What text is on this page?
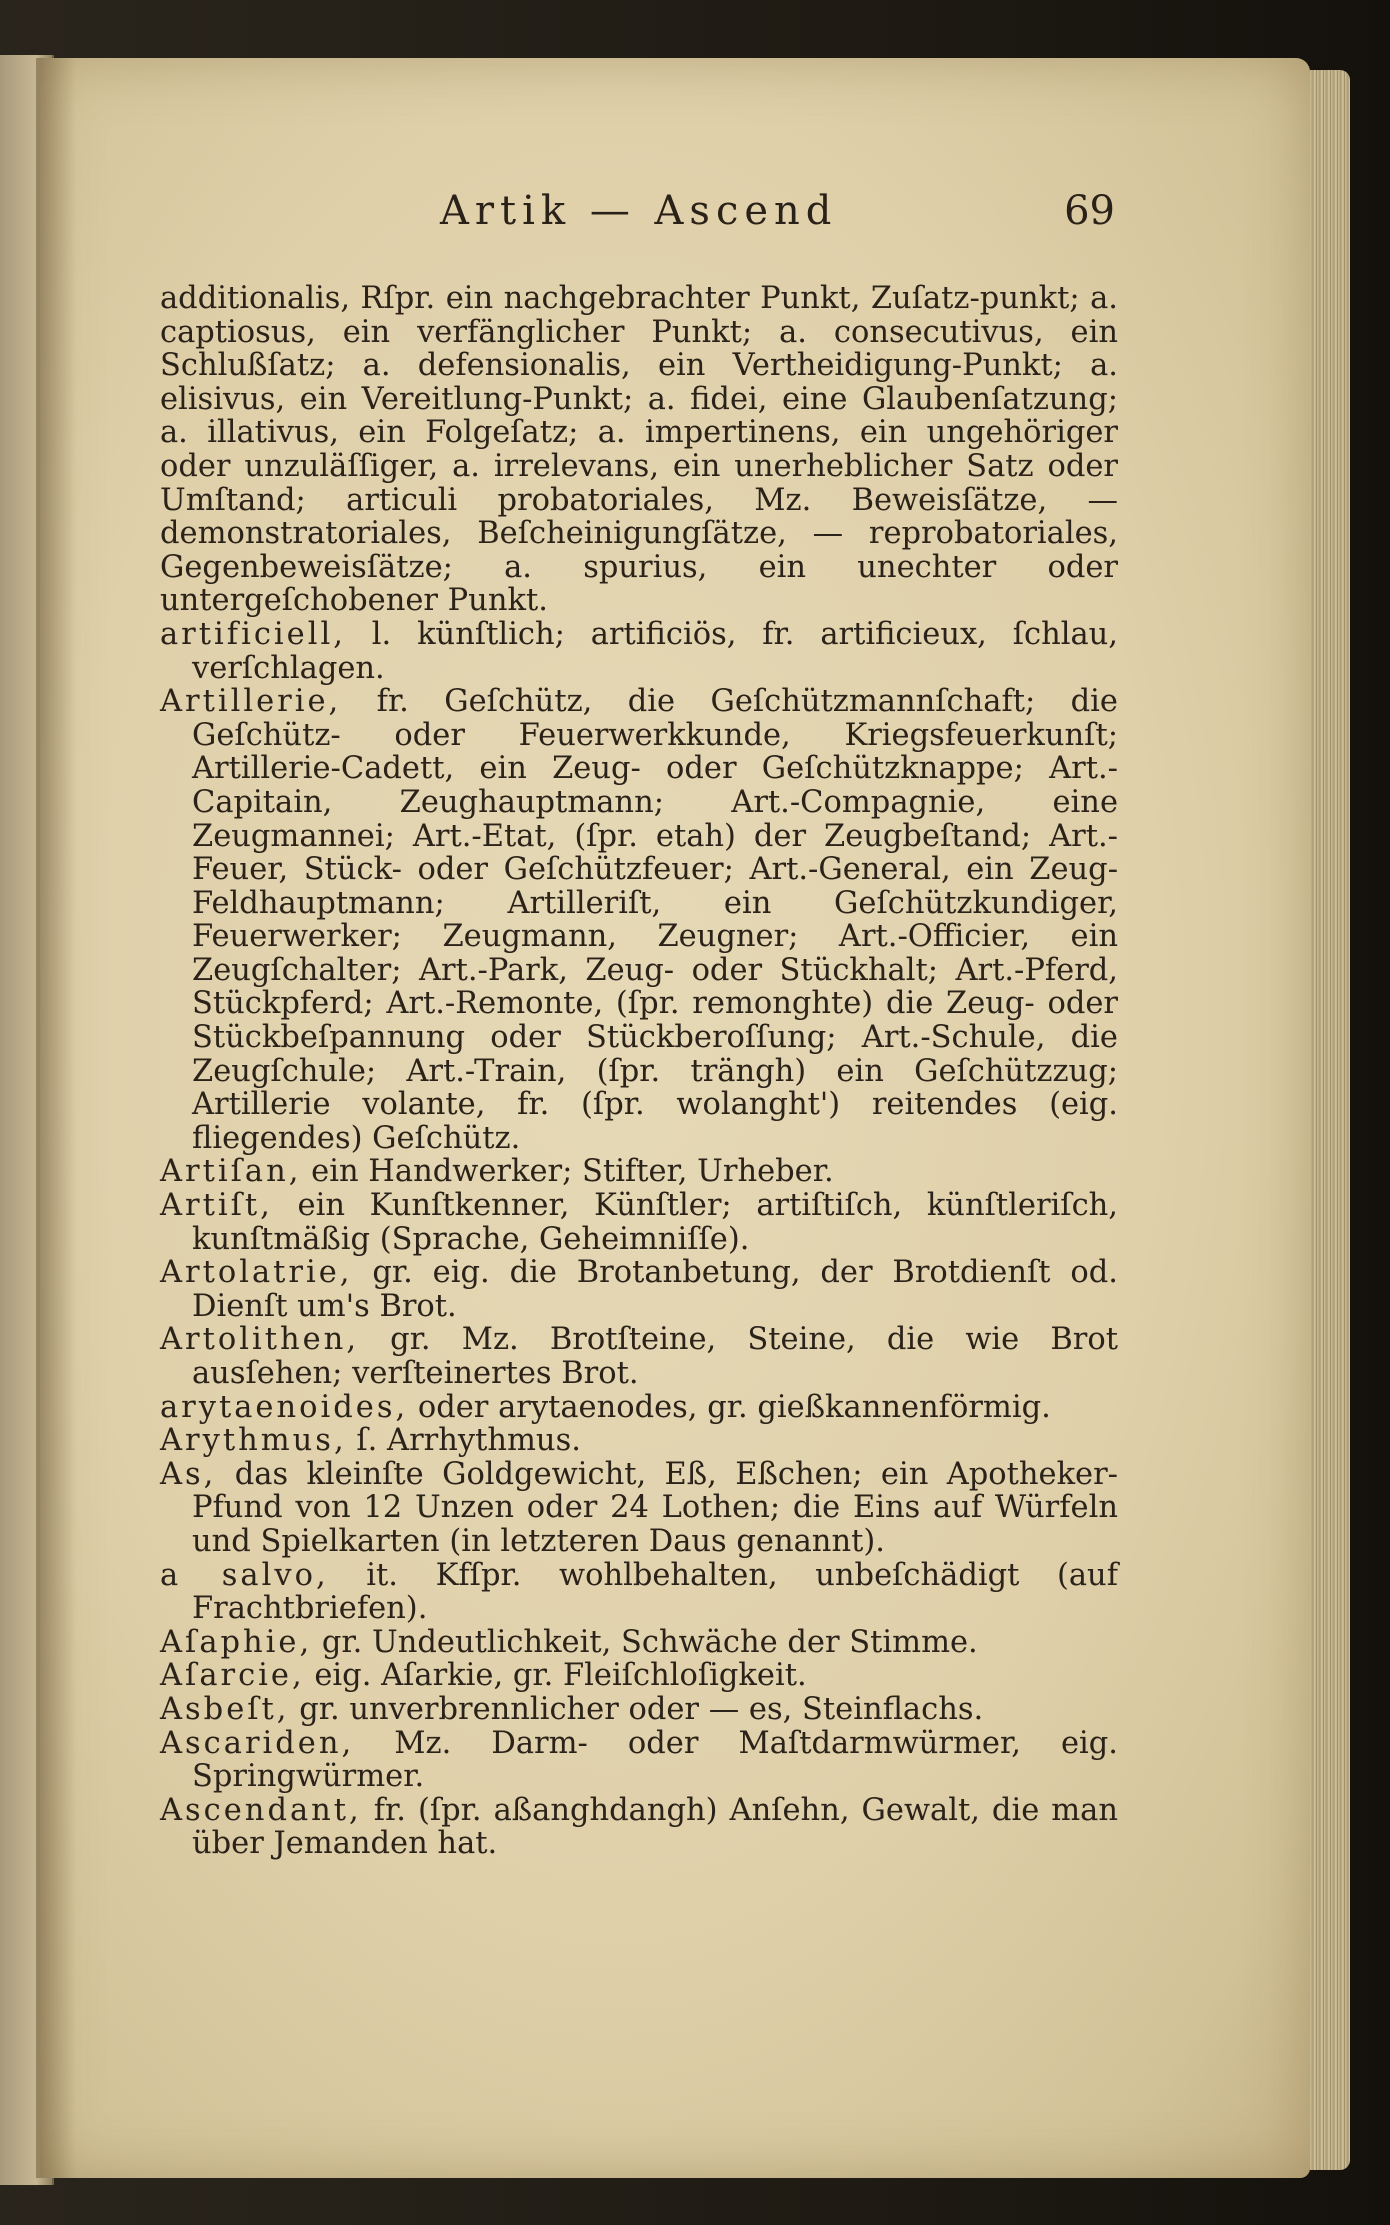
Artik — Ascend	69
additionalis, Rſpr. ein nachgebrachter Punkt, Zuſatz-punkt; a. captiosus, ein verfänglicher Punkt; a. consecutivus, ein Schlußſatz; a. defensionalis, ein Vertheidigung-Punkt; a. elisivus, ein Vereitlung-Punkt; a. fidei, eine Glaubenſatzung; a. illativus, ein Folgeſatz; a. impertinens, ein ungehöriger oder unzuläſſiger, a. irrelevans, ein unerheblicher Satz oder Umſtand; articuli probatoriales, Mz. Beweisſätze, — demonstratoriales, Beſcheinigungſätze, — reprobatoriales, Gegenbeweisſätze; a. spurius, ein unechter oder untergeſchobener Punkt.
artificiell, l. künſtlich; artificiös, fr. artificieux, ſchlau, verſchlagen.
Artillerie, fr. Geſchütz, die Geſchützmannſchaft; die Geſchütz- oder Feuerwerkkunde, Kriegsfeuerkunſt; Artillerie-Cadett, ein Zeug- oder Geſchützknappe; Art.-Capitain, Zeughauptmann; Art.-Compagnie, eine Zeugmannei; Art.-Etat, (ſpr. etah) der Zeugbeſtand; Art.-Feuer, Stück- oder Geſchützfeuer; Art.-General, ein Zeug-Feldhauptmann; Artilleriſt, ein Geſchützkundiger, Feuerwerker; Zeugmann, Zeugner; Art.-Officier, ein Zeugſchalter; Art.-Park, Zeug- oder Stückhalt; Art.-Pferd, Stückpferd; Art.-Remonte, (ſpr. remonghte) die Zeug- oder Stückbeſpannung oder Stückberoſſung; Art.-Schule, die Zeugſchule; Art.-Train, (ſpr. trängh) ein Geſchützzug; Artillerie volante, fr. (ſpr. wolanght') reitendes (eig. fliegendes) Geſchütz.
Artiſan, ein Handwerker; Stifter, Urheber.
Artiſt, ein Kunſtkenner, Künſtler; artiſtiſch, künſtleriſch, kunſtmäßig (Sprache, Geheimniſſe).
Artolatrie, gr. eig. die Brotanbetung, der Brotdienſt od. Dienſt um's Brot.
Artolithen, gr. Mz. Brotſteine, Steine, die wie Brot ausſehen; verſteinertes Brot.
arytaenoides, oder arytaenodes, gr. gießkannenförmig.
Arythmus, ſ. Arrhythmus.
As, das kleinſte Goldgewicht, Eß, Eßchen; ein Apotheker-Pfund von 12 Unzen oder 24 Lothen; die Eins auf Würfeln und Spielkarten (in letzteren Daus genannt).
a salvo, it. Kfſpr. wohlbehalten, unbeſchädigt (auf Frachtbriefen).
Aſaphie, gr. Undeutlichkeit, Schwäche der Stimme.
Aſarcie, eig. Aſarkie, gr. Fleiſchloſigkeit.
Asbeſt, gr. unverbrennlicher oder — es, Steinflachs.
Ascariden, Mz. Darm- oder Maſtdarmwürmer, eig. Springwürmer.
Ascendant, fr. (ſpr. aßanghdangh) Anſehn, Gewalt, die man über Jemanden hat.
